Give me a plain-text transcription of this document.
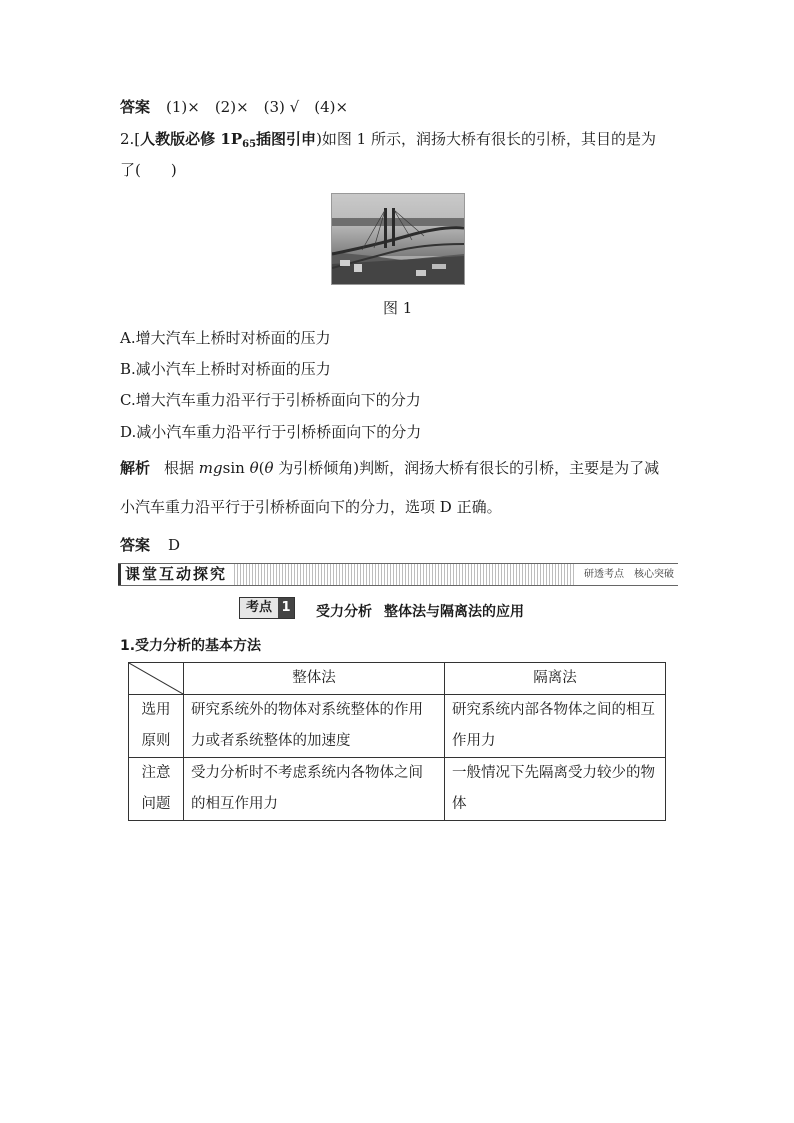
答案 (1)×　(2)×　(3) √　(4)×
2.[人教版必修 $1P_{65}$插图引申)如图 1 所示，润扬大桥有很长的引桥，其目的是为
了(　　)
图 1
A.增大汽车上桥时对桥面的压力
B.减小汽车上桥时对桥面的压力
C.增大汽车重力沿平行于引桥桥面向下的分力
D.减小汽车重力沿平行于引桥桥面向下的分力
解析 根据 mgsin θ(θ 为引桥倾角)判断，润扬大桥有很长的引桥，主要是为了减
小汽车重力沿平行于引桥桥面向下的分力，选项 D 正确。
答案 D
课堂互动探究	研透考点　核心突破
考点 1 受力分析 整体法与隔离法的应用
1.受力分析的基本方法
	整体法	隔离法
选用原则	研究系统外的物体对系统整体的作用力或者系统整体的加速度	研究系统内部各物体之间的相互作用力
注意问题	受力分析时不考虑系统内各物体之间的相互作用力	一般情况下先隔离受力较少的物体
